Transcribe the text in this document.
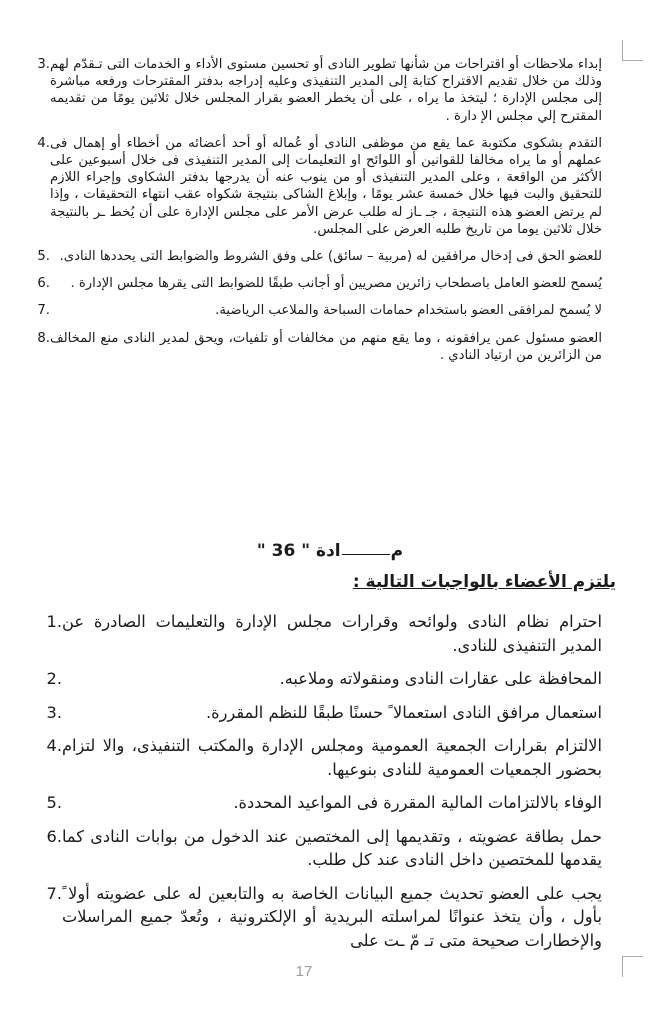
.3 إبداء ملاحظات أو اقتراحات من شأنها تطوير النادى أو تحسين مستوى الأداء و الخدمات التى تـقدّم لهم وذلك من خلال تقديم الاقتراح كتابة إلى المدير التنفيذى وعليه إدراجه بدفتر المقترحات ورفعه مباشرة إلى مجلس الإدارة ؛ ليتخذ ما يراه ، على أن يخطر العضو بقرار المجلس خلال ثلاثين يومًا من تقديمه المقترح إلي مجلس الإ دارة .
.4 التقدم بشكوى مكتوبة عما يقع من موظفى النادى أو عُماله أو أحد أعضائه من أخطاء أو إهمال فى عملهم أو ما يراه مخالفا للقوانين أو اللوائح او التعليمات إلى المدير التنفيذى فى خلال أسبوعين على الأكثر من الواقعة ، وعلى المدير التنفيذى أو من ينوب عنه أن يدرجها بدفتر الشكاوى وإجراء اللازم للتحقيق والبت فيها خلال خمسة عشر يومًا ، وإبلاغ الشاكى بنتيجة شكواه عقب انتهاء التحقيقات ، وإذا لم يرتض العضو هذه النتيجة ، جـ ـاز له طلب عرض الأمر على مجلس الإدارة على أن يُخط ـر بالنتيجة خلال ثلاثين يوما من تاريخ طلبه العرض على المجلس.
.5 للعضو الحق فى إدخال مرافقين له (مربية – سائق) على وفق الشروط والضوابط التى يحددها النادى.
.6	يُسمح للعضو العامل باصطحاب زائرين مصريين أو أجانب طبقًا للضوابط التى يقرها مجلس الإدارة .
.7	لا يُسمح لمرافقى العضو باستخدام حمامات السباحة والملاعب الرياضية.
.8 العضو مسئول عمن يرافقونه ، وما يقع منهم من مخالفات أو تلفيات، ويحق لمدير النادى منع المخالف من الزائرين من ارتياد النادي .
مادة " 36 "
يلتزم الأعضاء بالواجبات التالية :
.1 احترام نظام النادى ولوائحه وقرارات مجلس الإدارة والتعليمات الصادرة عن المدير التنفيذى للنادى.
.2	المحافظة على عقارات النادى ومنقولاته وملاعبه.
.3	استعمال مرافق النادى استعمالا ً حسنًا طبقًا للنظم المقررة.
.4 الالتزام بقرارات الجمعية العمومية ومجلس الإدارة والمكتب التنفيذى، والا لتزام بحضور الجمعيات العمومية للنادى بنوعيها.
.5	الوفاء بالالتزامات المالية المقررة فى المواعيد المحددة.
.6 حمل بطاقة عضويته ، وتقديمها إلى المختصين عند الدخول من بوابات النادى كما يقدمها للمختصين داخل النادى عند كل طلب.
.7 يجب على العضو تحديث جميع البيانات الخاصة به والتابعين له على عضويته أولا ً بأول ، وأن يتخذ عنوانًا لمراسلته البريدية أو الإلكترونية ، وتُعدّ جميع المراسلات والإخطارات صحيحة متى تـ مّ ـت على
17
